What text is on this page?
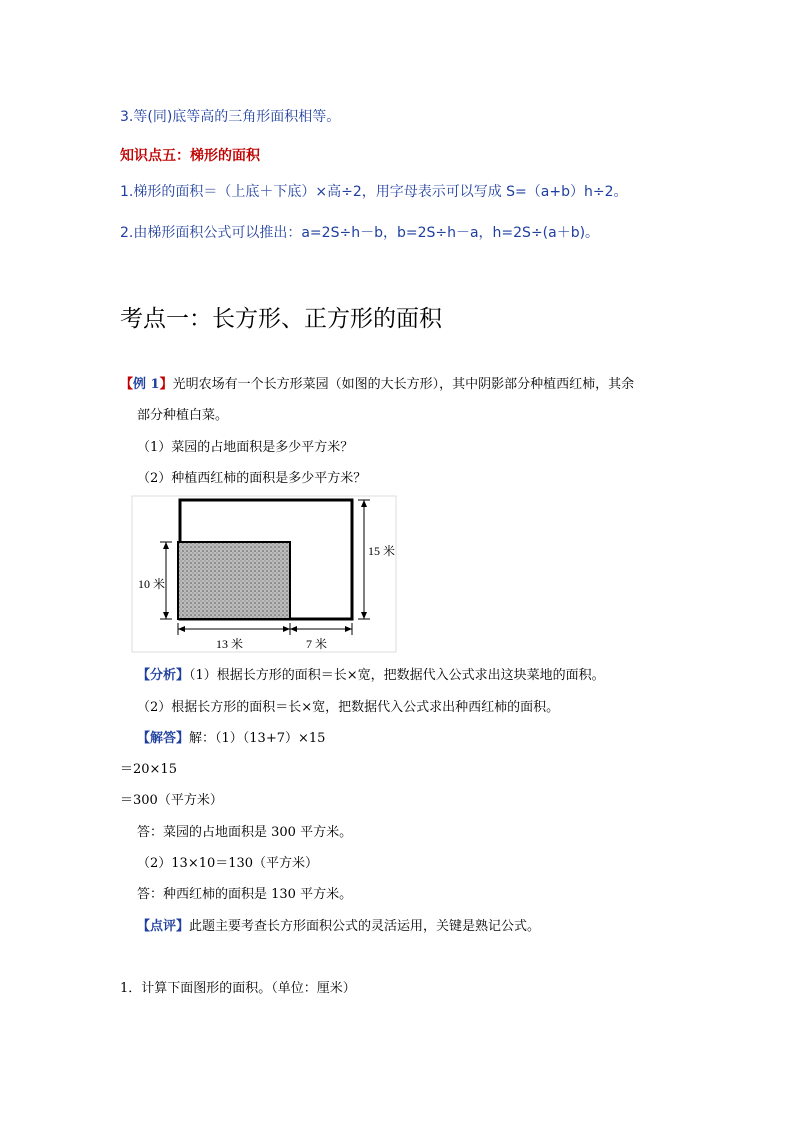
3.等(同)底等高的三角形面积相等。
知识点五：梯形的面积
1.梯形的面积＝（上底＋下底）×高÷2，用字母表示可以写成 S=（a+b）h÷2。
2.由梯形面积公式可以推出：a=2S÷h－b，b=2S÷h－a，h=2S÷(a＋b)。
考点一：长方形、正方形的面积
【例 1】光明农场有一个长方形菜园（如图的大长方形），其中阴影部分种植西红柿，其余
部分种植白菜。
（1）菜园的占地面积是多少平方米？
（2）种植西红柿的面积是多少平方米？
15 米
10 米
13 米	7 米
【分析】（1）根据长方形的面积＝长×宽，把数据代入公式求出这块菜地的面积。
（2）根据长方形的面积＝长×宽，把数据代入公式求出种西红柿的面积。
【解答】解：（1）（13+7）×15
＝20×15
＝300（平方米）
答：菜园的占地面积是 300 平方米。
（2）13×10＝130（平方米）
答：种西红柿的面积是 130 平方米。
【点评】此题主要考查长方形面积公式的灵活运用，关键是熟记公式。
1．计算下面图形的面积。（单位：厘米）
